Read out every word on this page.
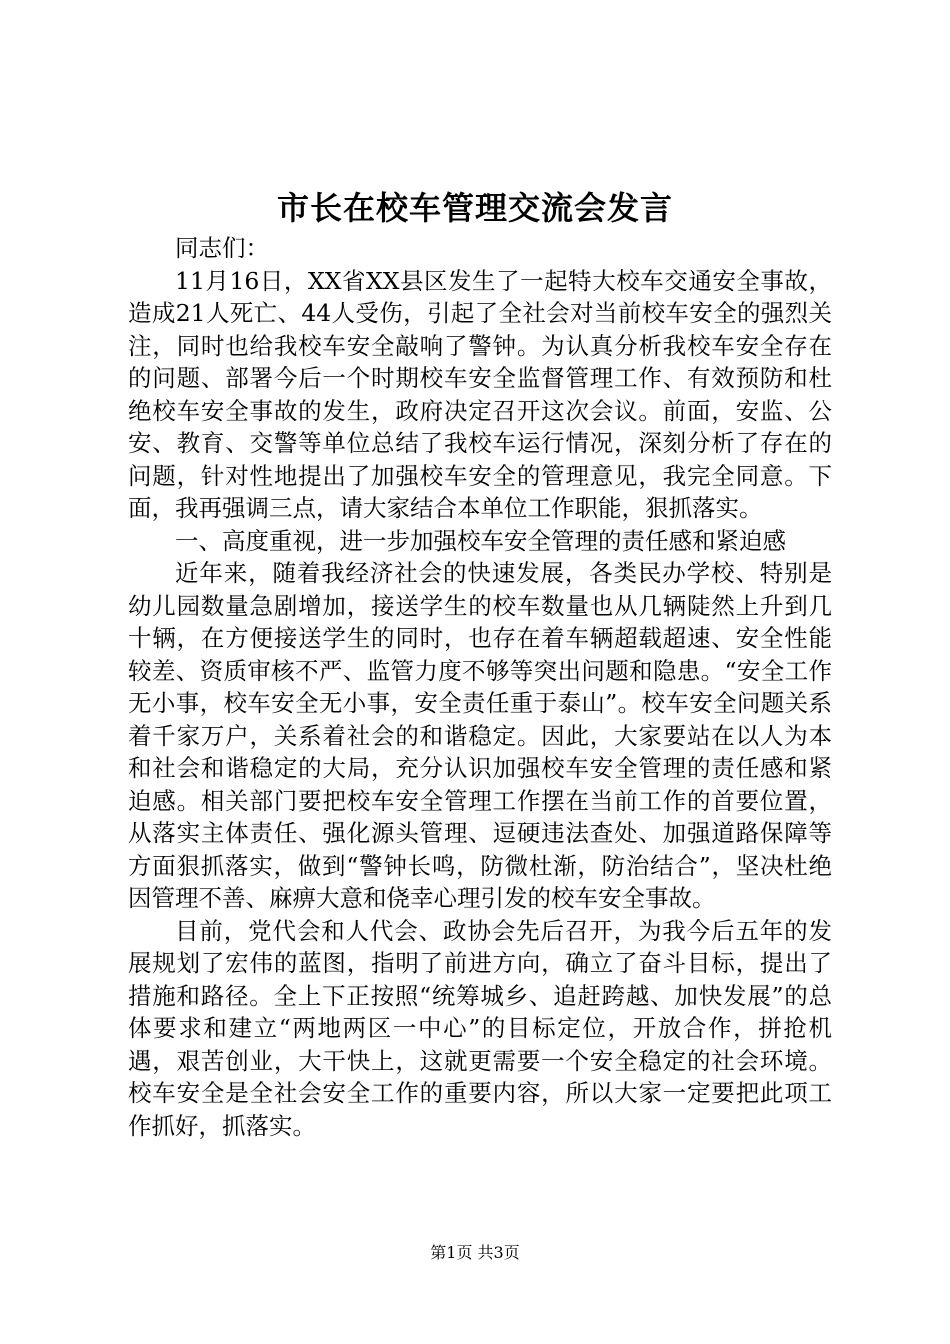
市长在校车管理交流会发言

同志们：

11月16日，XX省XX县区发生了一起特大校车交通安全事故，造成21人死亡、44人受伤，引起了全社会对当前校车安全的强烈关注，同时也给我校车安全敲响了警钟。为认真分析我校车安全存在的问题、部署今后一个时期校车安全监督管理工作、有效预防和杜绝校车安全事故的发生，政府决定召开这次会议。前面，安监、公安、教育、交警等单位总结了我校车运行情况，深刻分析了存在的问题，针对性地提出了加强校车安全的管理意见，我完全同意。下面，我再强调三点，请大家结合本单位工作职能，狠抓落实。

一、高度重视，进一步加强校车安全管理的责任感和紧迫感

近年来，随着我经济社会的快速发展，各类民办学校、特别是幼儿园数量急剧增加，接送学生的校车数量也从几辆陡然上升到几十辆，在方便接送学生的同时，也存在着车辆超载超速、安全性能较差、资质审核不严、监管力度不够等突出问题和隐患。“安全工作无小事，校车安全无小事，安全责任重于泰山”。校车安全问题关系着千家万户，关系着社会的和谐稳定。因此，大家要站在以人为本和社会和谐稳定的大局，充分认识加强校车安全管理的责任感和紧迫感。相关部门要把校车安全管理工作摆在当前工作的首要位置，从落实主体责任、强化源头管理、逗硬违法查处、加强道路保障等方面狠抓落实，做到“警钟长鸣，防微杜渐，防治结合”，坚决杜绝因管理不善、麻痹大意和侥幸心理引发的校车安全事故。

目前，党代会和人代会、政协会先后召开，为我今后五年的发展规划了宏伟的蓝图，指明了前进方向，确立了奋斗目标，提出了措施和路径。全上下正按照“统筹城乡、追赶跨越、加快发展”的总体要求和建立“两地两区一中心”的目标定位，开放合作，拼抢机遇，艰苦创业，大干快上，这就更需要一个安全稳定的社会环境。校车安全是全社会安全工作的重要内容，所以大家一定要把此项工作抓好，抓落实。

第1页 共3页
